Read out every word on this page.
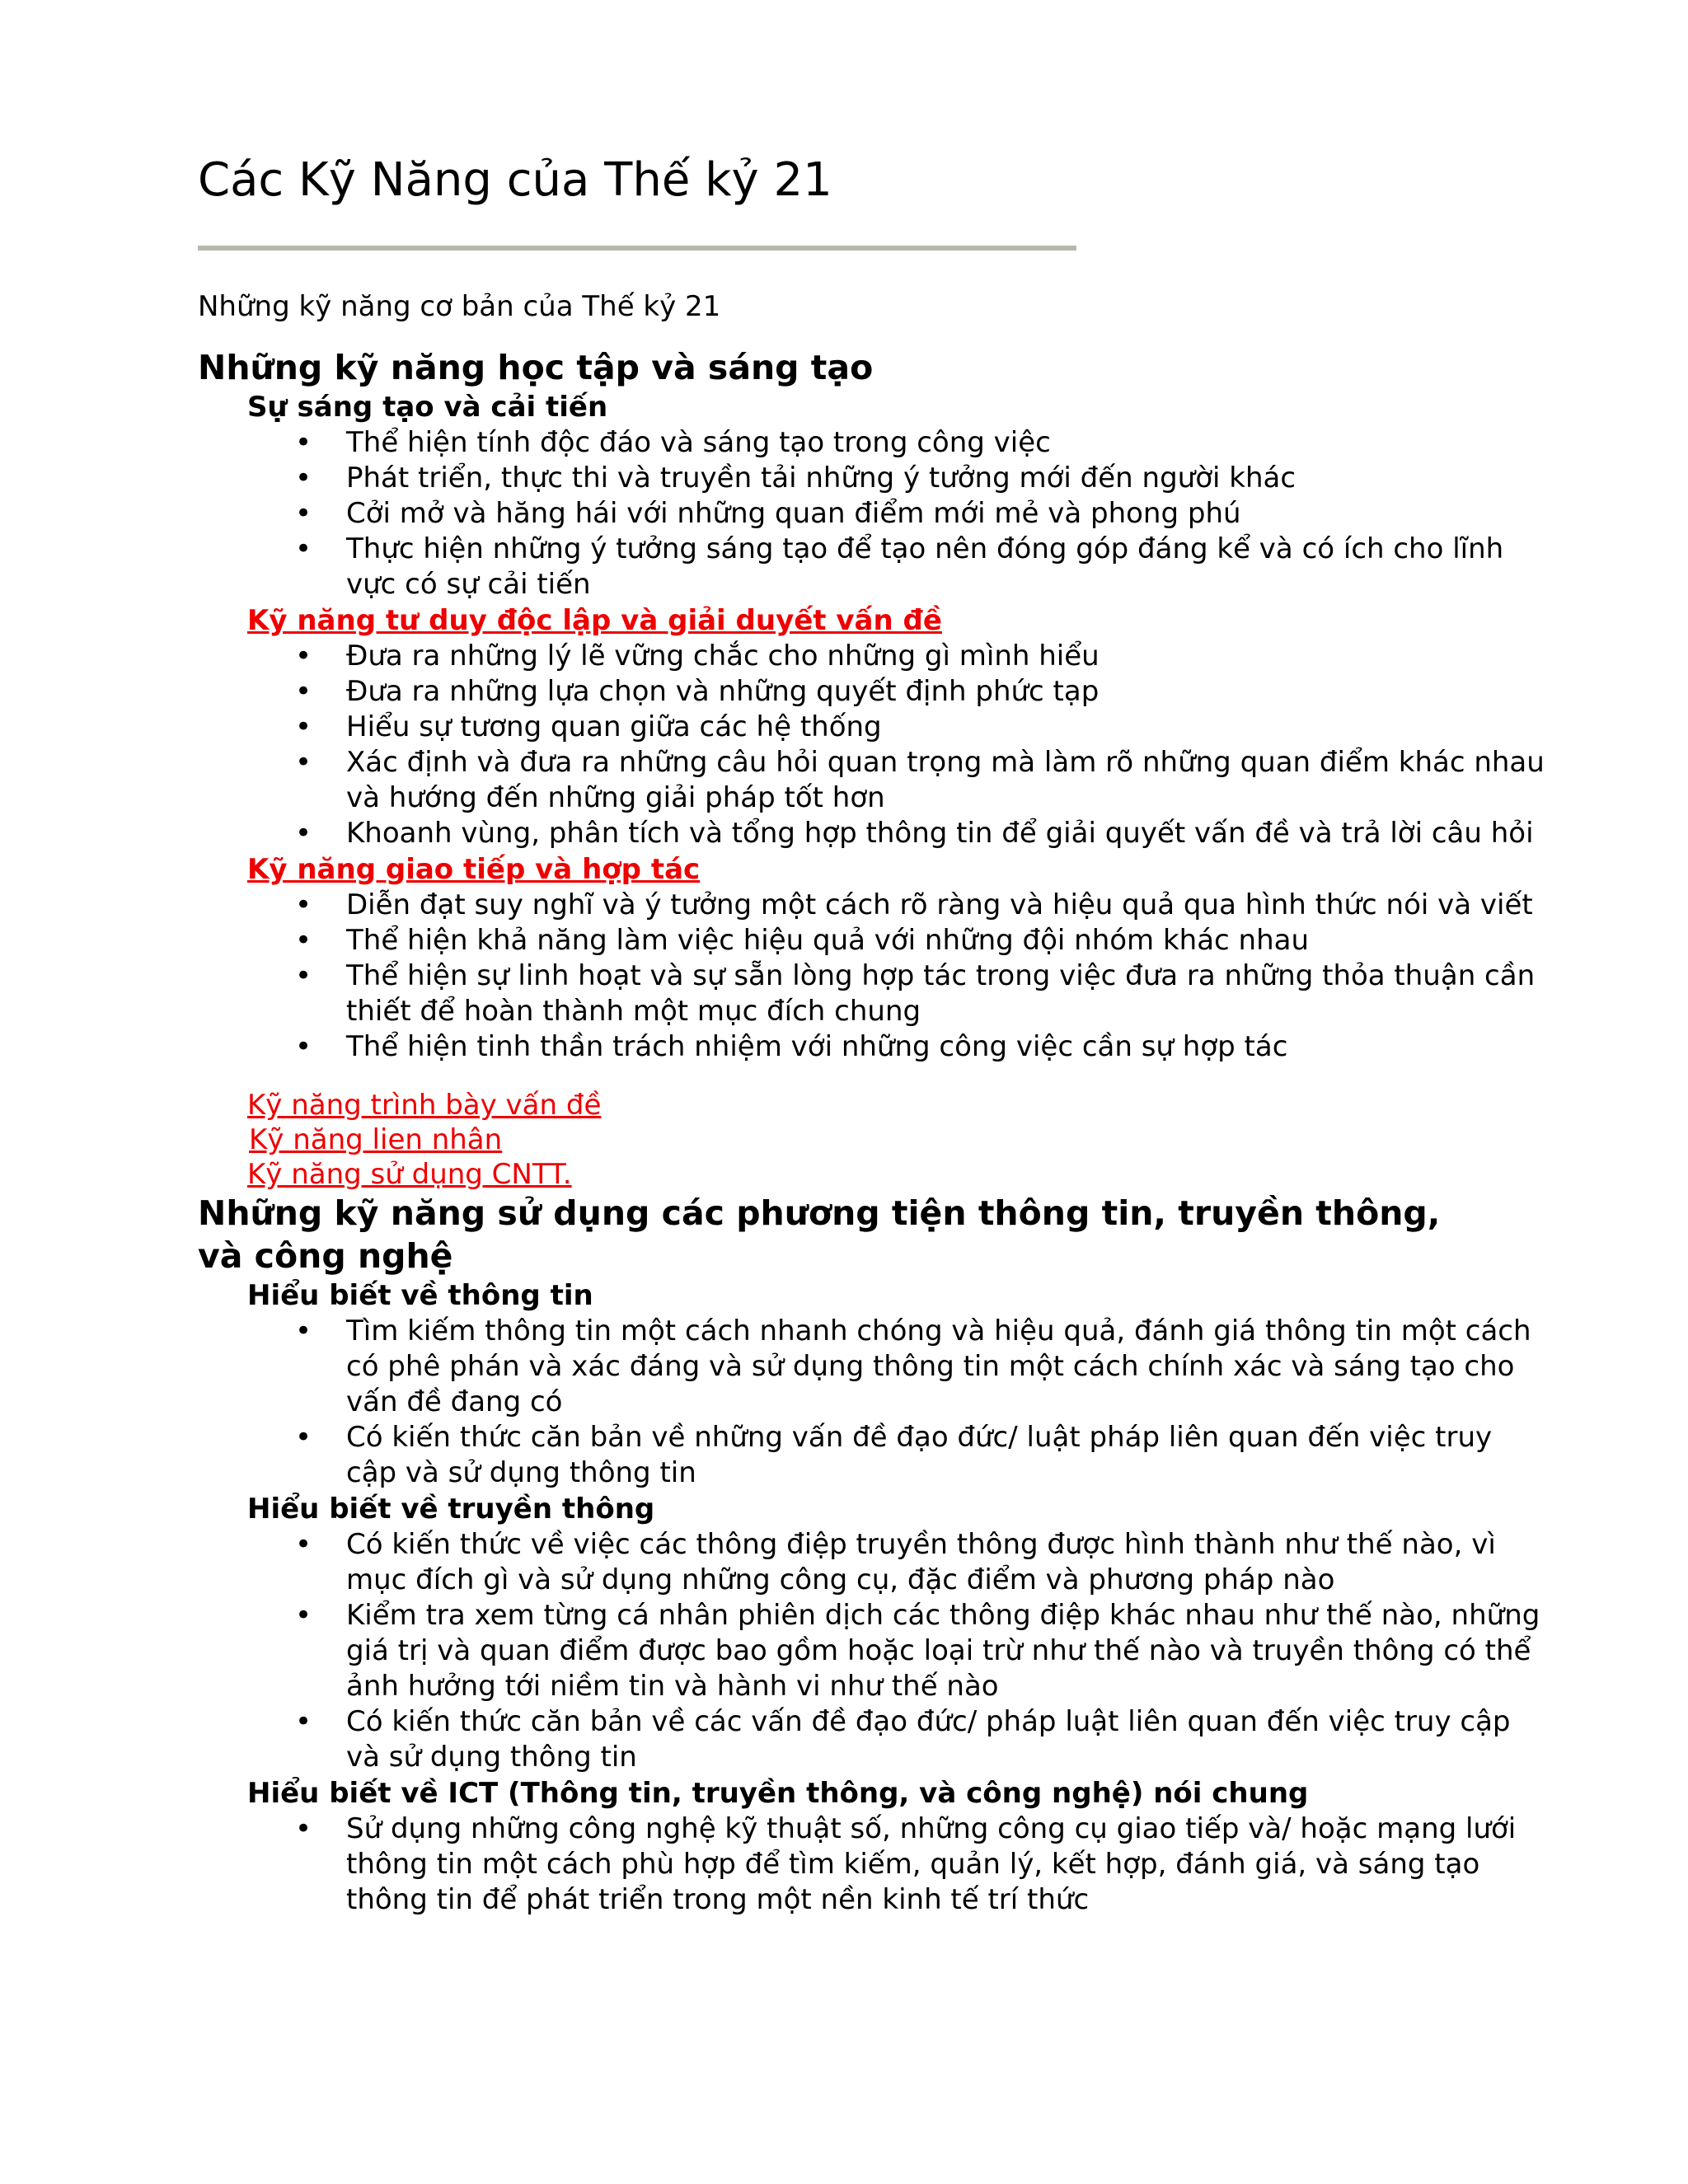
Các Kỹ Năng của Thế kỷ 21
Những kỹ năng cơ bản của Thế kỷ 21
Những kỹ năng học tập và sáng tạo
Sự sáng tạo và cải tiến
• Thể hiện tính độc đáo và sáng tạo trong công việc
• Phát triển, thực thi và truyền tải những ý tưởng mới đến người khác
• Cởi mở và hăng hái với những quan điểm mới mẻ và phong phú
• Thực hiện những ý tưởng sáng tạo để tạo nên đóng góp đáng kể và có ích cho lĩnh vực có sự cải tiến
Kỹ năng tư duy độc lập và giải duyết vấn đề
• Đưa ra những lý lẽ vững chắc cho những gì mình hiểu
• Đưa ra những lựa chọn và những quyết định phức tạp
• Hiểu sự tương quan giữa các hệ thống
• Xác định và đưa ra những câu hỏi quan trọng mà làm rõ những quan điểm khác nhau và hướng đến những giải pháp tốt hơn
• Khoanh vùng, phân tích và tổng hợp thông tin để giải quyết vấn đề và trả lời câu hỏi
Kỹ năng giao tiếp và hợp tác
• Diễn đạt suy nghĩ và ý tưởng một cách rõ ràng và hiệu quả qua hình thức nói và viết
• Thể hiện khả năng làm việc hiệu quả với những đội nhóm khác nhau
• Thể hiện sự linh hoạt và sự sẵn lòng hợp tác trong việc đưa ra những thỏa thuận cần thiết để hoàn thành một mục đích chung
• Thể hiện tinh thần trách nhiệm với những công việc cần sự hợp tác
Kỹ năng trình bày vấn đề
Kỹ năng lien nhân
Kỹ năng sử dụng CNTT.
Những kỹ năng sử dụng các phương tiện thông tin, truyền thông, và công nghệ
Hiểu biết về thông tin
• Tìm kiếm thông tin một cách nhanh chóng và hiệu quả, đánh giá thông tin một cách có phê phán và xác đáng và sử dụng thông tin một cách chính xác và sáng tạo cho vấn đề đang có
• Có kiến thức căn bản về những vấn đề đạo đức/ luật pháp liên quan đến việc truy cập và sử dụng thông tin
Hiểu biết về truyền thông
• Có kiến thức về việc các thông điệp truyền thông được hình thành như thế nào, vì mục đích gì và sử dụng những công cụ, đặc điểm và phương pháp nào
• Kiểm tra xem từng cá nhân phiên dịch các thông điệp khác nhau như thế nào, những giá trị và quan điểm được bao gồm hoặc loại trừ như thế nào và truyền thông có thể ảnh hưởng tới niềm tin và hành vi như thế nào
• Có kiến thức căn bản về các vấn đề đạo đức/ pháp luật liên quan đến việc truy cập và sử dụng thông tin
Hiểu biết về ICT (Thông tin, truyền thông, và công nghệ) nói chung
• Sử dụng những công nghệ kỹ thuật số, những công cụ giao tiếp và/ hoặc mạng lưới thông tin một cách phù hợp để tìm kiếm, quản lý, kết hợp, đánh giá, và sáng tạo thông tin để phát triển trong một nền kinh tế trí thức
